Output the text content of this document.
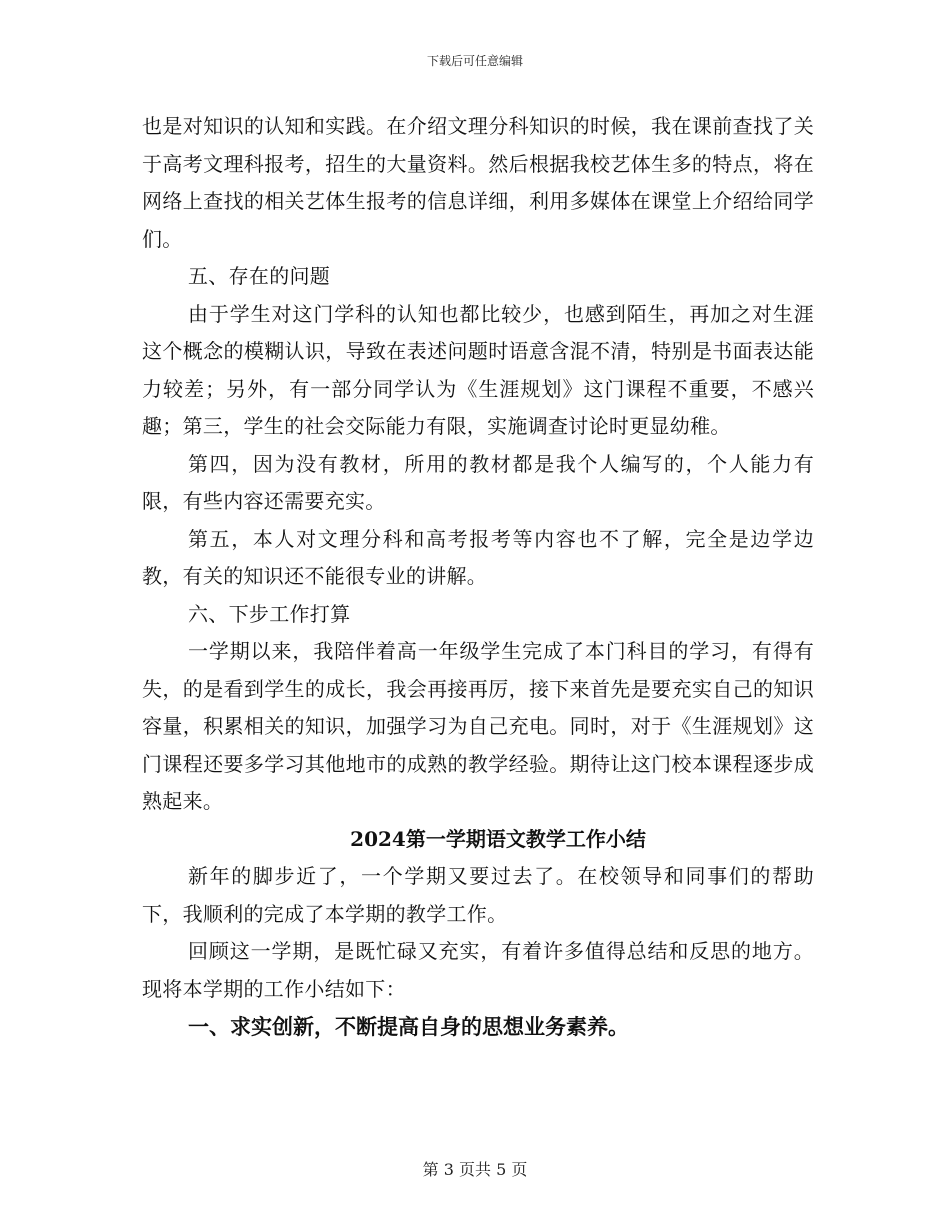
下载后可任意编辑

也是对知识的认知和实践。在介绍文理分科知识的时候，我在课前查找了关于高考文理科报考，招生的大量资料。然后根据我校艺体生多的特点，将在网络上查找的相关艺体生报考的信息详细，利用多媒体在课堂上介绍给同学们。

五、存在的问题

由于学生对这门学科的认知也都比较少，也感到陌生，再加之对生涯这个概念的模糊认识，导致在表述问题时语意含混不清，特别是书面表达能力较差；另外，有一部分同学认为《生涯规划》这门课程不重要，不感兴趣；第三，学生的社会交际能力有限，实施调查讨论时更显幼稚。

第四，因为没有教材，所用的教材都是我个人编写的，个人能力有限，有些内容还需要充实。

第五，本人对文理分科和高考报考等内容也不了解，完全是边学边教，有关的知识还不能很专业的讲解。

六、下步工作打算

一学期以来，我陪伴着高一年级学生完成了本门科目的学习，有得有失，的是看到学生的成长，我会再接再厉，接下来首先是要充实自己的知识容量，积累相关的知识，加强学习为自己充电。同时，对于《生涯规划》这门课程还要多学习其他地市的成熟的教学经验。期待让这门校本课程逐步成熟起来。

2024第一学期语文教学工作小结

新年的脚步近了，一个学期又要过去了。在校领导和同事们的帮助下，我顺利的完成了本学期的教学工作。

回顾这一学期，是既忙碌又充实，有着许多值得总结和反思的地方。现将本学期的工作小结如下：

一、求实创新，不断提高自身的思想业务素养。

第 3 页共 5 页
